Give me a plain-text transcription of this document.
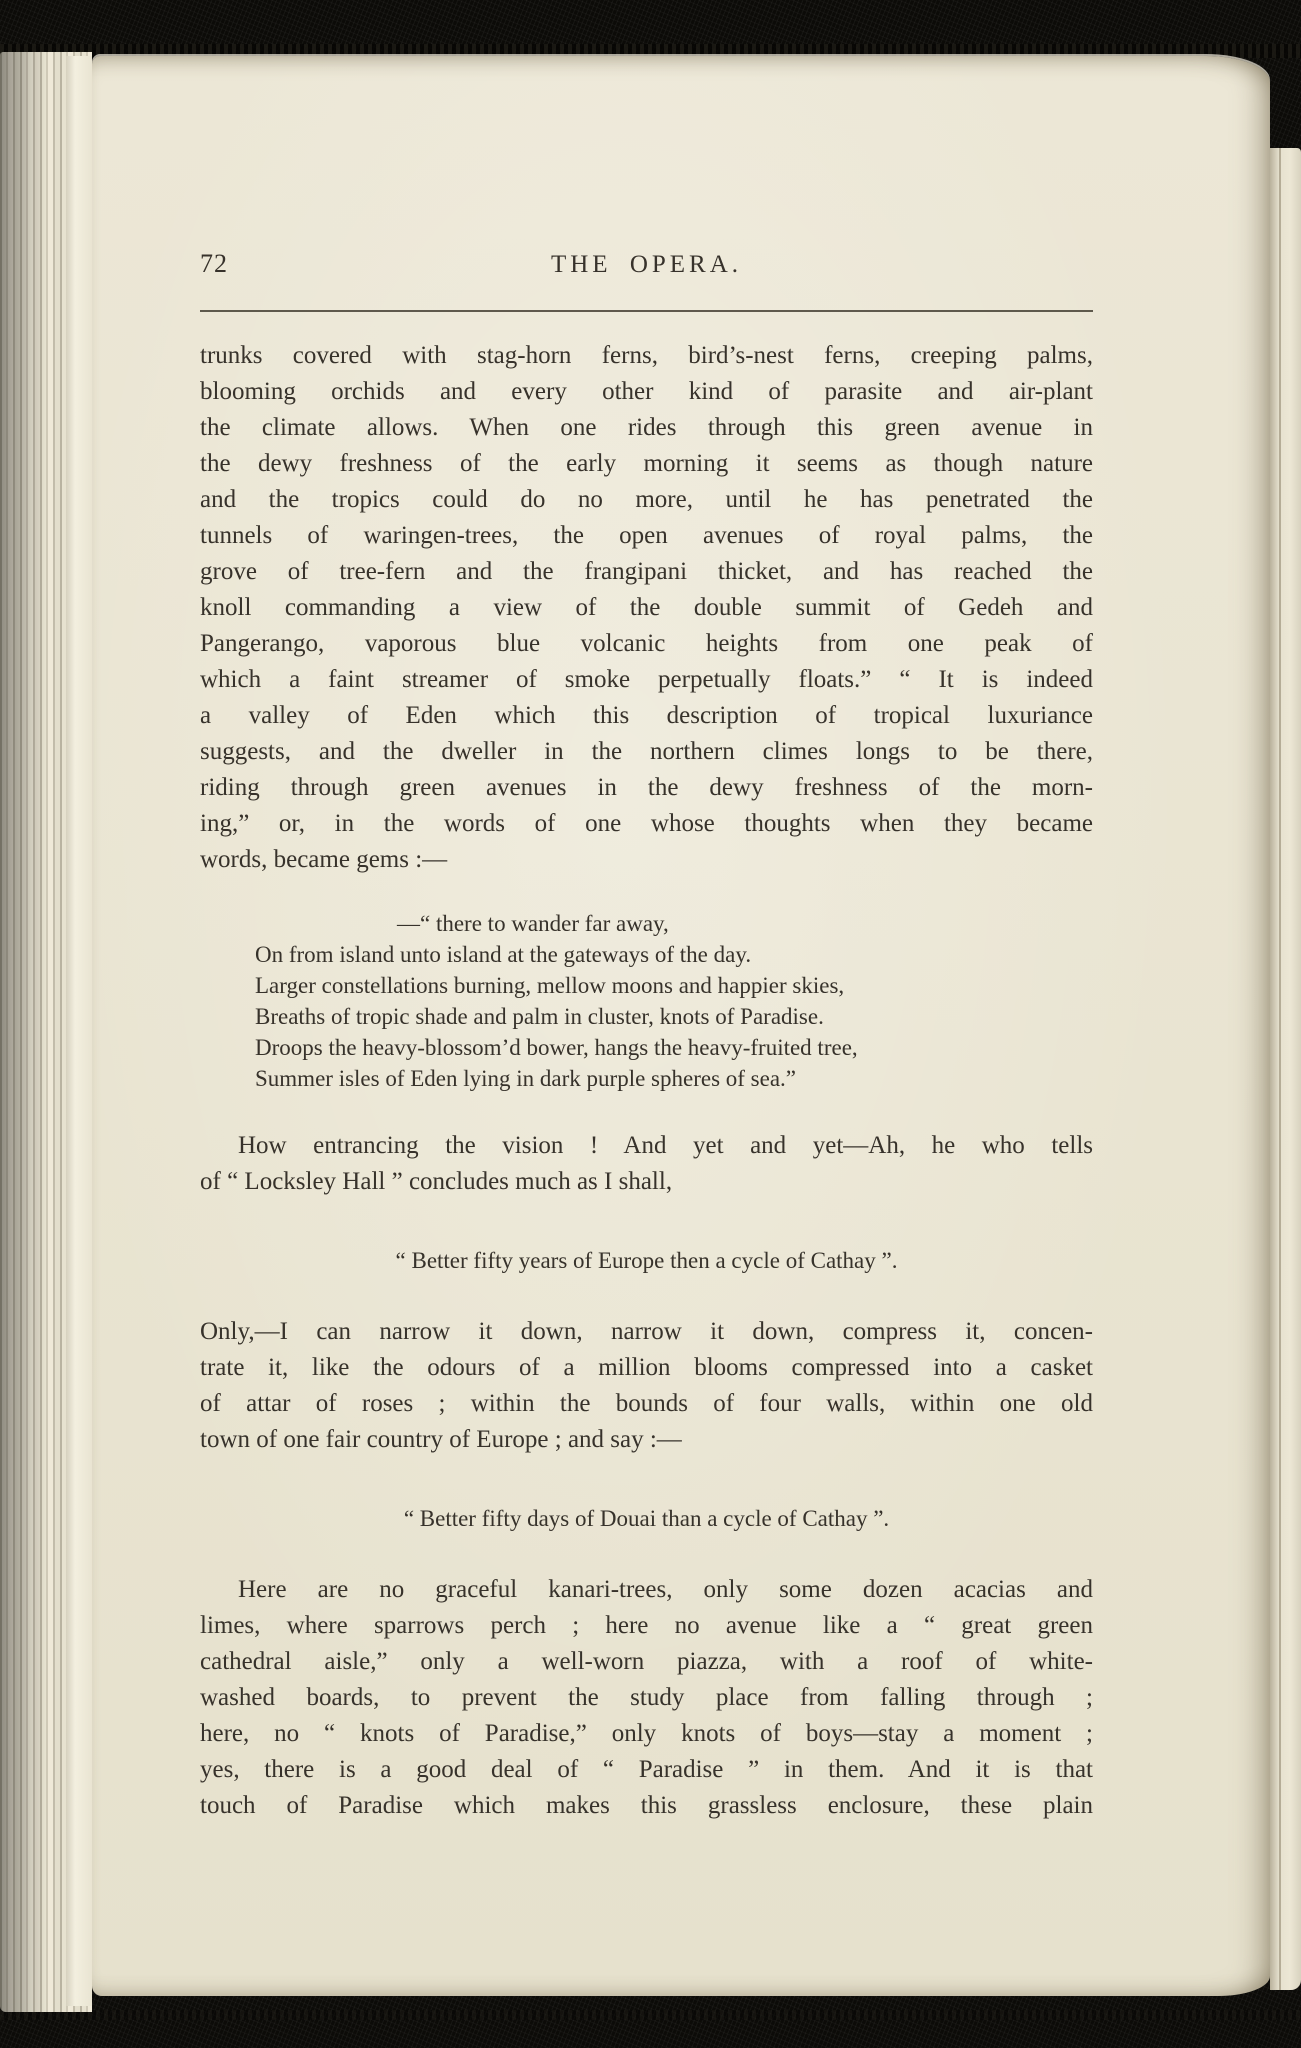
72	THE OPERA.
trunks covered with stag-horn ferns, bird’s-nest ferns, creeping palms,
blooming orchids and every other kind of parasite and air-plant
the climate allows. When one rides through this green avenue in
the dewy freshness of the early morning it seems as though nature
and the tropics could do no more, until he has penetrated the
tunnels of waringen-trees, the open avenues of royal palms, the
grove of tree-fern and the frangipani thicket, and has reached the
knoll commanding a view of the double summit of Gedeh and
Pangerango, vaporous blue volcanic heights from one peak of
which a faint streamer of smoke perpetually floats.” “ It is indeed
a valley of Eden which this description of tropical luxuriance
suggests, and the dweller in the northern climes longs to be there,
riding through green avenues in the dewy freshness of the morn-
ing,” or, in the words of one whose thoughts when they became
words, became gems :—
—“ there to wander far away,
On from island unto island at the gateways of the day.
Larger constellations burning, mellow moons and happier skies,
Breaths of tropic shade and palm in cluster, knots of Paradise.
Droops the heavy-blossom’d bower, hangs the heavy-fruited tree,
Summer isles of Eden lying in dark purple spheres of sea.”
How entrancing the vision ! And yet and yet—Ah, he who tells
of “ Locksley Hall ” concludes much as I shall,
“ Better fifty years of Europe then a cycle of Cathay ”.
Only,—I can narrow it down, narrow it down, compress it, concen-
trate it, like the odours of a million blooms compressed into a casket
of attar of roses ; within the bounds of four walls, within one old
town of one fair country of Europe ; and say :—
“ Better fifty days of Douai than a cycle of Cathay ”.
Here are no graceful kanari-trees, only some dozen acacias and
limes, where sparrows perch ; here no avenue like a “ great green
cathedral aisle,” only a well-worn piazza, with a roof of white-
washed boards, to prevent the study place from falling through ;
here, no “ knots of Paradise,” only knots of boys—stay a moment ;
yes, there is a good deal of “ Paradise ” in them. And it is that
touch of Paradise which makes this grassless enclosure, these plain
